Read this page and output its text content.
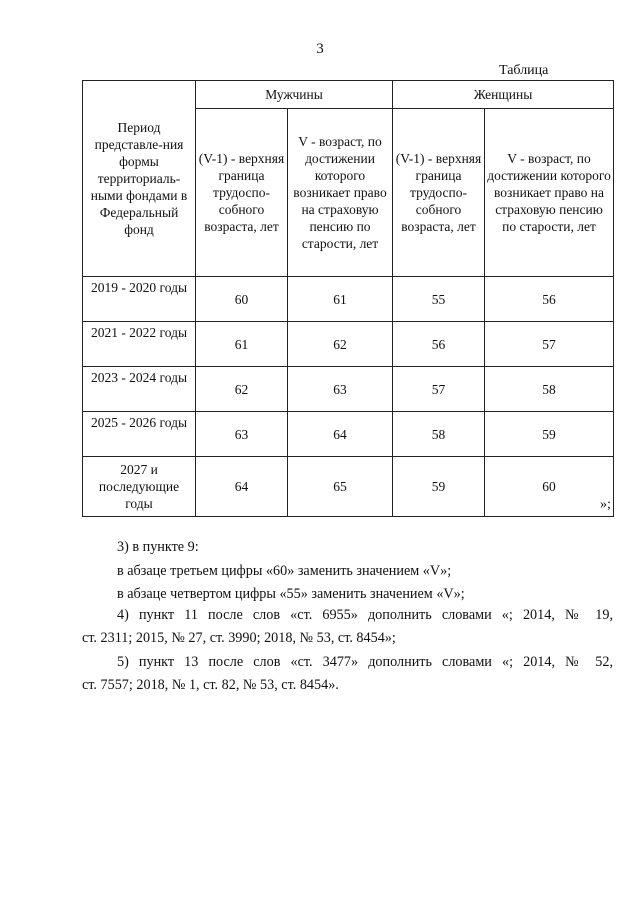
3
Таблица
Период представле-ния формы территориаль-ными фондами в Федеральный фонд	Мужчины		Женщины	
	(V-1) - верхняя граница трудоспо-собного возраста, лет	V - возраст, по достижении которого возникает право на страховую пенсию по старости, лет	(V-1) - верхняя граница трудоспо-собного возраста, лет	V - возраст, по достижении которого возникает право на страховую пенсию по старости, лет
2019 - 2020 годы	60	61	55	56
2021 - 2022 годы	61	62	56	57
2023 - 2024 годы	62	63	57	58
2025 - 2026 годы	63	64	58	59
2027 и последующие годы	64	65	59	60
»;
3) в пункте 9:
в абзаце третьем цифры «60» заменить значением «V»;
в абзаце четвертом цифры «55» заменить значением «V»;
4) пункт 11 после слов «ст. 6955» дополнить словами «; 2014, № 19,
ст. 2311; 2015, № 27, ст. 3990; 2018, № 53, ст. 8454»;
5) пункт 13 после слов «ст. 3477» дополнить словами «; 2014, № 52,
ст. 7557; 2018, № 1, ст. 82, № 53, ст. 8454».
